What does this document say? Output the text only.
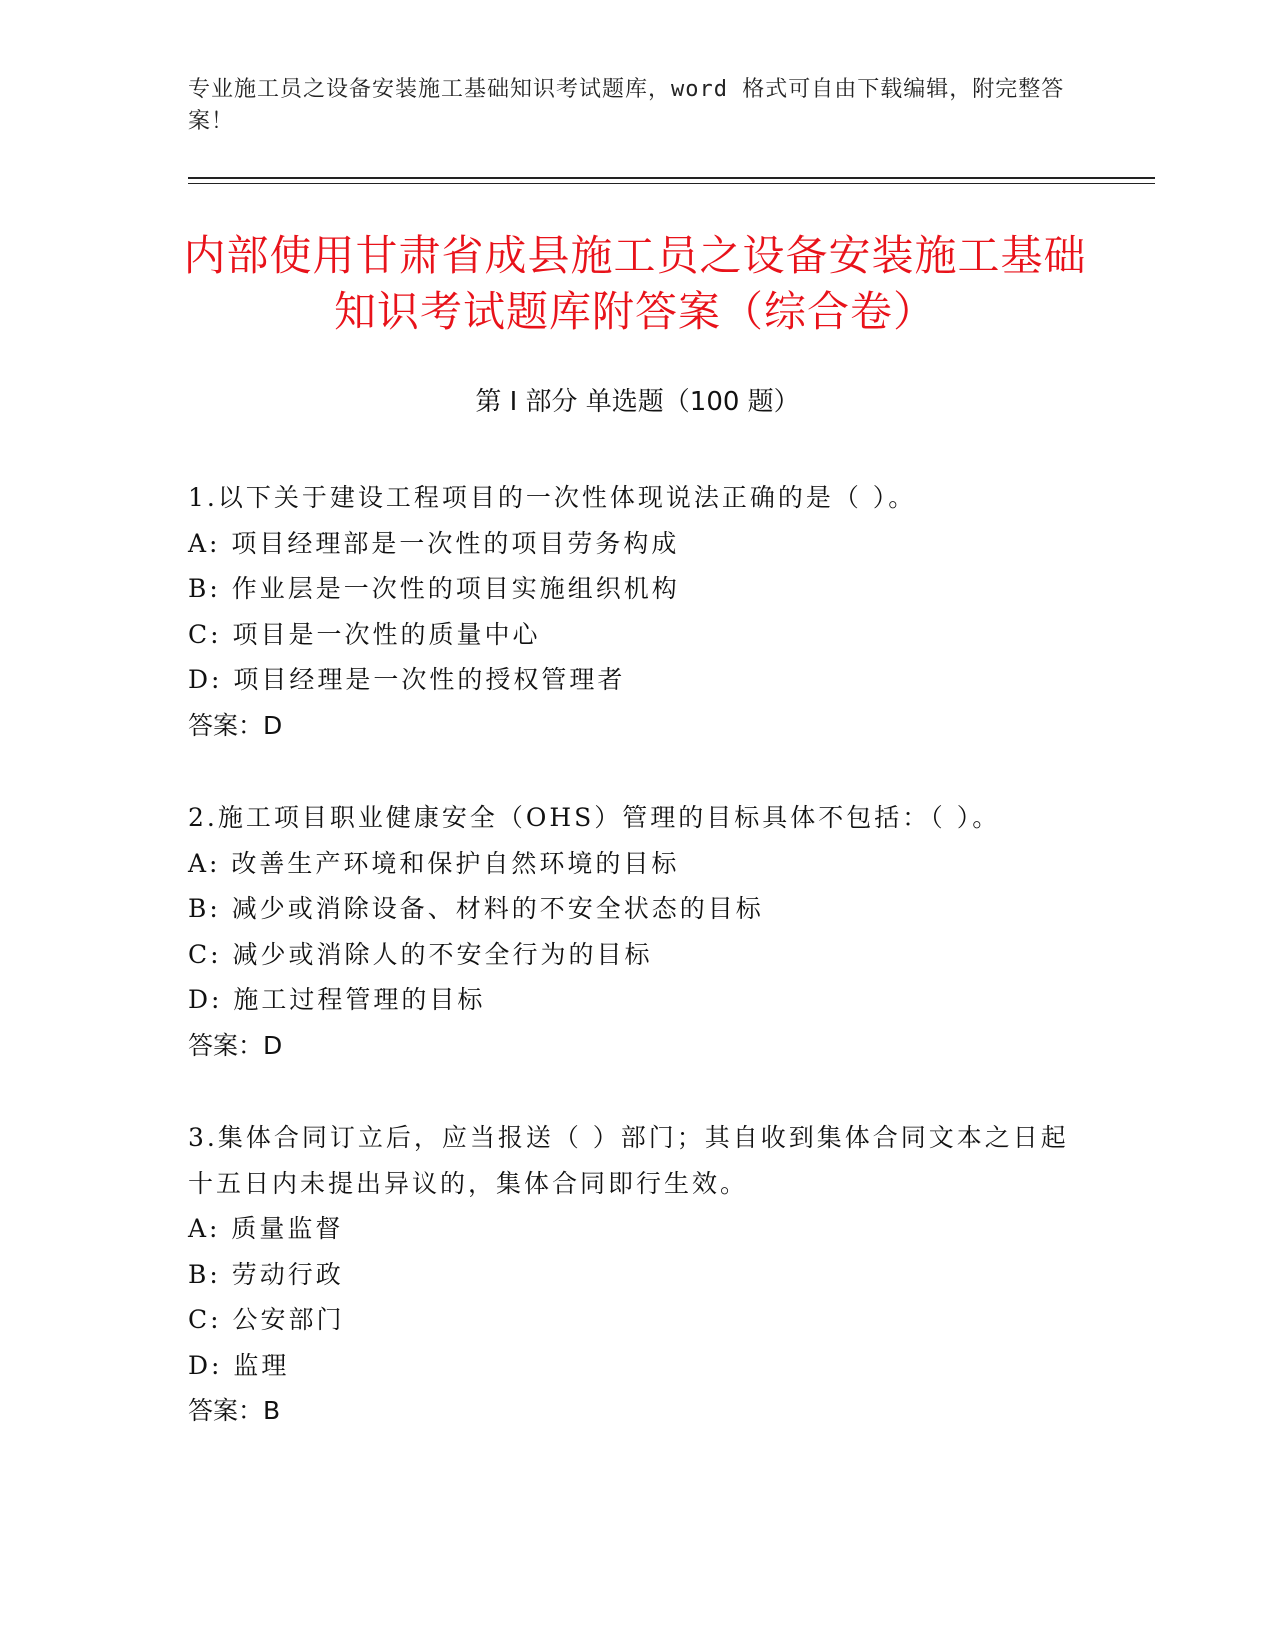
专业施工员之设备安装施工基础知识考试题库，word 格式可自由下载编辑，附完整答案！
内部使用甘肃省成县施工员之设备安装施工基础知识考试题库附答案（综合卷）
第 I 部分 单选题（100 题）
1.以下关于建设工程项目的一次性体现说法正确的是（ ）。
A: 项目经理部是一次性的项目劳务构成
B: 作业层是一次性的项目实施组织机构
C: 项目是一次性的质量中心
D: 项目经理是一次性的授权管理者
答案：D
2.施工项目职业健康安全（OHS）管理的目标具体不包括：（ ）。
A: 改善生产环境和保护自然环境的目标
B: 减少或消除设备、材料的不安全状态的目标
C: 减少或消除人的不安全行为的目标
D: 施工过程管理的目标
答案：D
3.集体合同订立后，应当报送（ ）部门；其自收到集体合同文本之日起十五日内未提出异议的，集体合同即行生效。
A: 质量监督
B: 劳动行政
C: 公安部门
D: 监理
答案：B
